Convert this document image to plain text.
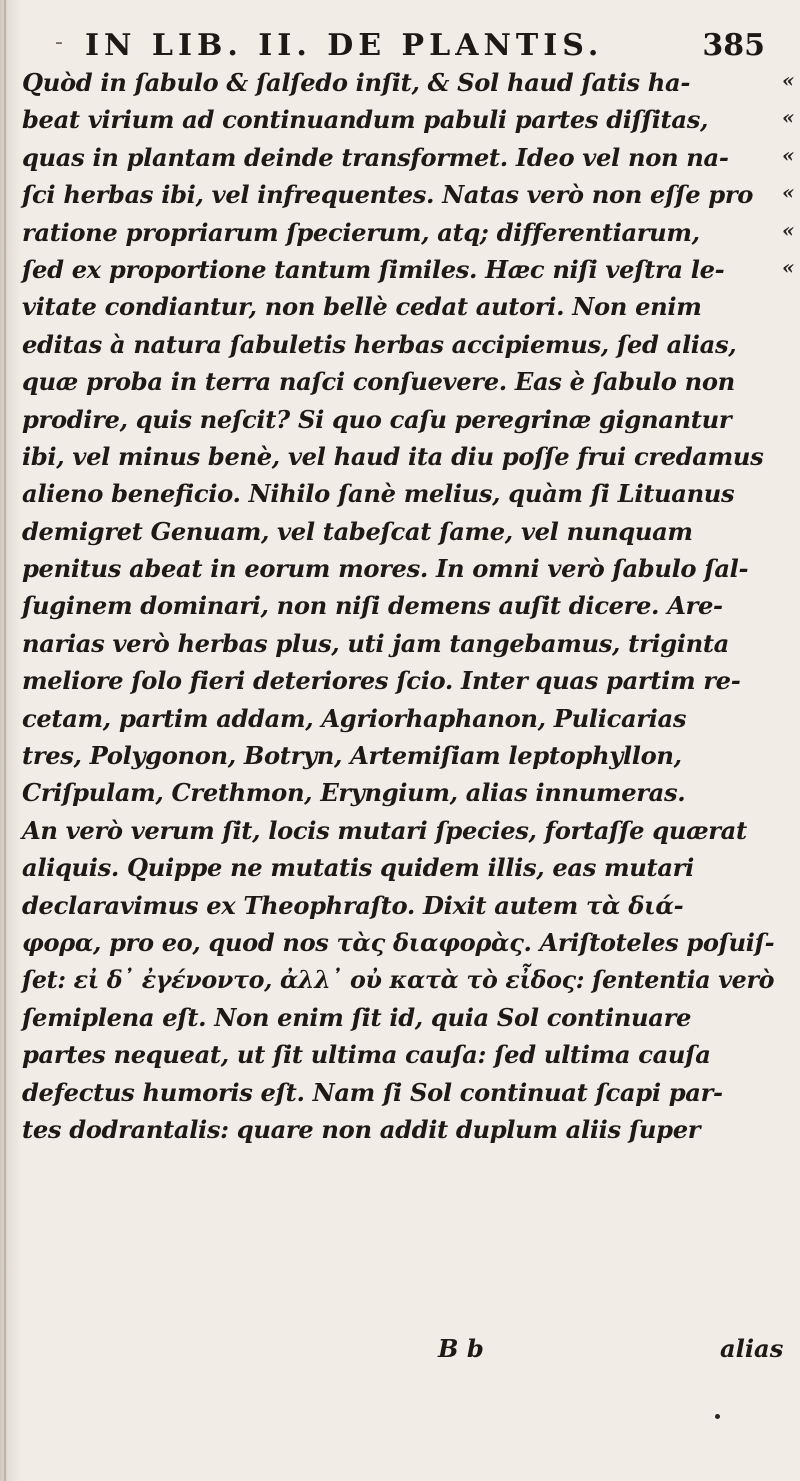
- IN LIB. II. DE PLANTIS.	385
Quòd in ſabulo & ſalſedo inſit, & Sol haud ſatis ha-	«
beat virium ad continuandum pabuli partes diſſitas,	«
quas in plantam deinde transformet. Ideo vel non na-	«
ſci herbas ibi, vel infrequentes. Natas verò non eſſe pro «
ratione propriarum ſpecierum, atq; differentiarum,	«
ſed ex proportione tantum ſimiles. Hæc niſi veſtra le-	«
vitate condiantur, non bellè cedat autori. Non enim
editas à natura ſabuletis herbas accipiemus, ſed alias,
quæ proba in terra naſci conſuevere. Eas è ſabulo non
prodire, quis neſcit? Si quo caſu peregrinæ gignantur
ibi, vel minus benè, vel haud ita diu poſſe frui credamus
alieno beneficio. Nihilo ſanè melius, quàm ſi Lituanus
demigret Genuam, vel tabeſcat ſame, vel nunquam
penitus abeat in eorum mores. In omni verò ſabulo ſal-
ſuginem dominari, non niſi demens auſit dicere. Are-
narias verò herbas plus, uti jam tangebamus, triginta
meliore ſolo fieri deteriores ſcio. Inter quas partim re-
cetam, partim addam, Agriorhaphanon, Pulicarias
tres, Polygonon, Botryn, Artemiſiam leptophyllon,
Criſpulam, Crethmon, Eryngium, alias innumeras.
An verò verum ſit, locis mutari ſpecies, fortaſſe quærat
aliquis. Quippe ne mutatis quidem illis, eas mutari
declaravimus ex Theophraſto. Dixit autem τὰ διά-
φορα, pro eo, quod nos τὰς διαφορὰς. Ariſtoteles poſuiſ-
ſet: εἰ δ᾽ ἐγένοντο, ἀλλ᾽ οὐ κατὰ τὸ εἶδος: ſententia verò
ſemiplena eſt. Non enim ſit id, quia Sol continuare
partes nequeat, ut ſit ultima cauſa: ſed ultima cauſa
defectus humoris eſt. Nam ſi Sol continuat ſcapi par-
tes dodrantalis: quare non addit duplum aliis ſuper
B b	alias
